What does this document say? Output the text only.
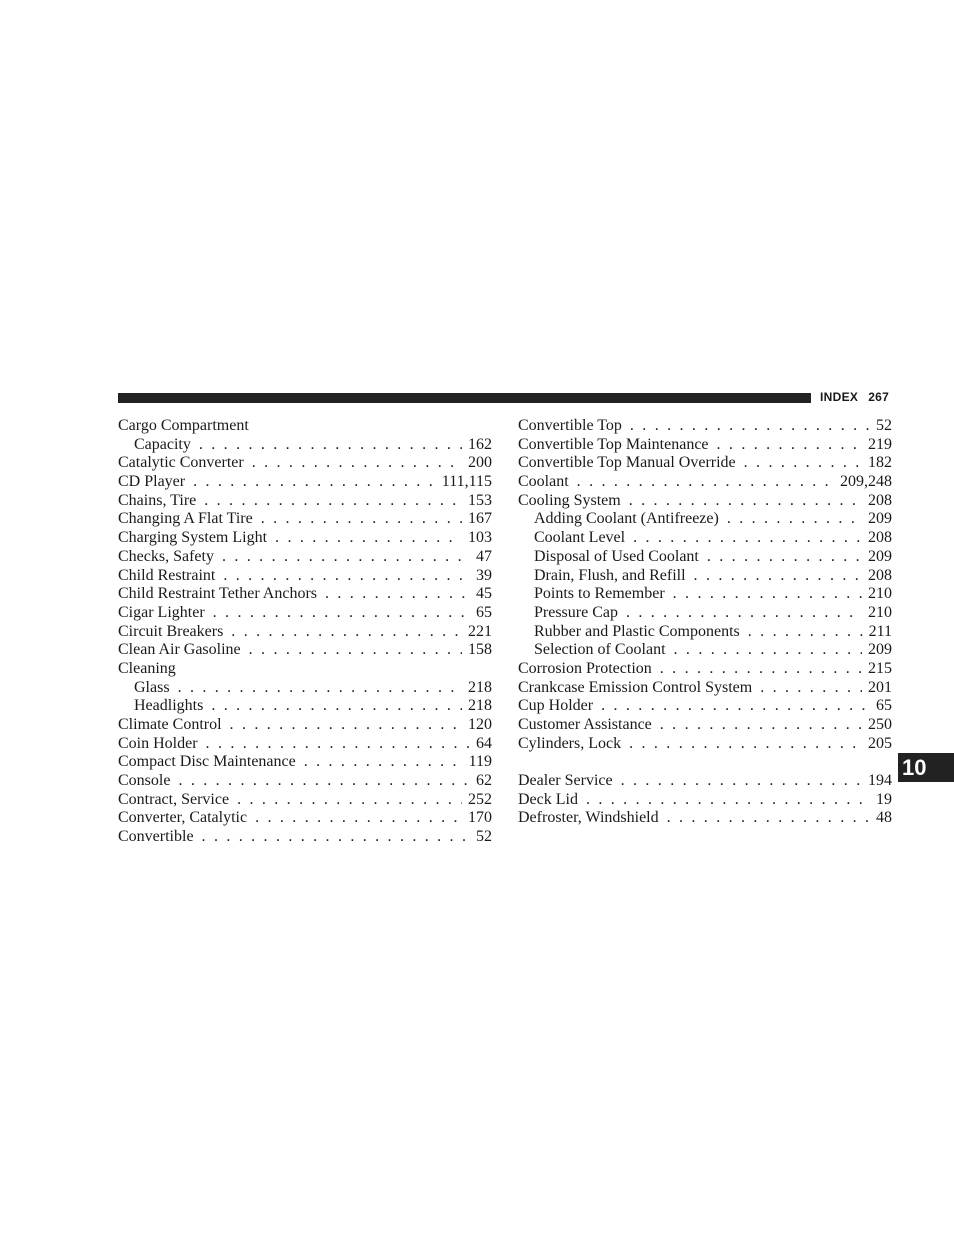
INDEX 267
Cargo Compartment
Capacity . . .	162
Catalytic Converter . . .	200
CD Player . . .	111,115
Chains, Tire . . .	153
Changing A Flat Tire . . .	167
Charging System Light . . .	103
Checks, Safety . . .	47
Child Restraint . . .	39
Child Restraint Tether Anchors . . .	45
Cigar Lighter . . .	65
Circuit Breakers . . .	221
Clean Air Gasoline . . .	158
Cleaning
Glass . . .	218
Headlights . . .	218
Climate Control . . .	120
Coin Holder . . .	64
Compact Disc Maintenance . . .	119
Console . . .	62
Contract, Service . . .	252
Converter, Catalytic . . .	170
Convertible . . .	52
Convertible Top . . .	52
Convertible Top Maintenance . . .	219
Convertible Top Manual Override . . .	182
Coolant . . .	209,248
Cooling System . . .	208
Adding Coolant (Antifreeze) . . .	209
Coolant Level . . .	208
Disposal of Used Coolant . . .	209
Drain, Flush, and Refill . . .	208
Points to Remember . . .	210
Pressure Cap . . .	210
Rubber and Plastic Components . . .	211
Selection of Coolant . . .	209
Corrosion Protection . . .	215
Crankcase Emission Control System . . .	201
Cup Holder . . .	65
Customer Assistance . . .	250
Cylinders, Lock . . .	205
Dealer Service . . .	194
Deck Lid . . .	19
Defroster, Windshield . . .	48
10
